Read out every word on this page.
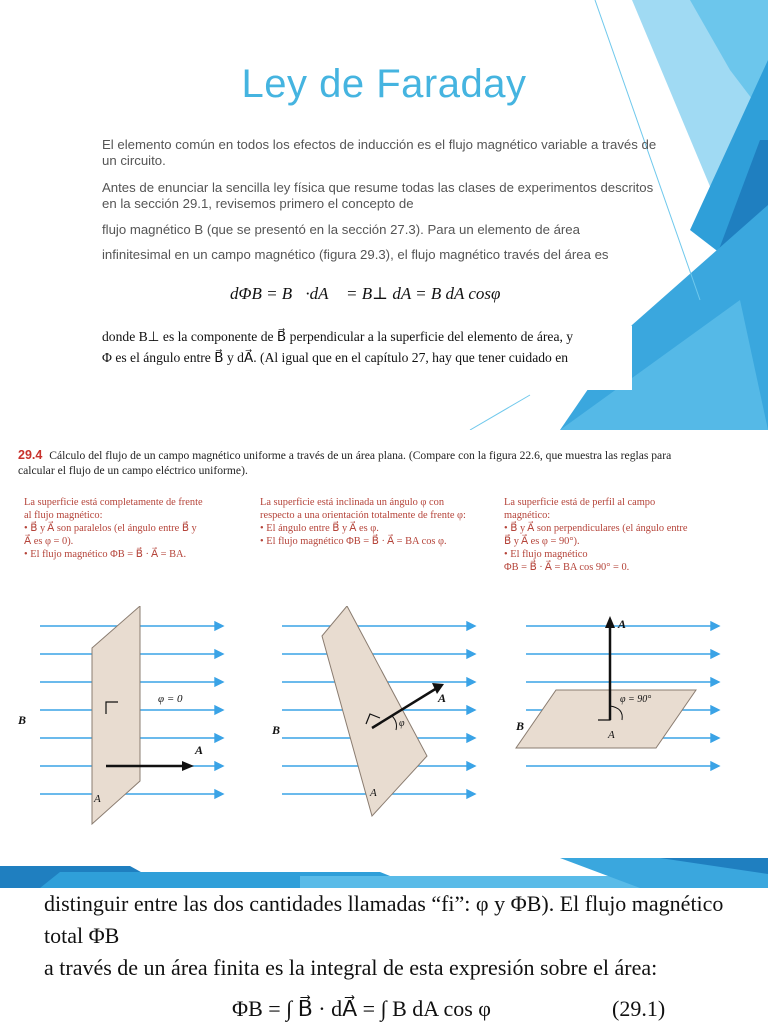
Ley de Faraday
El elemento común en todos los efectos de inducción es el flujo magnético variable a través de un circuito.
Antes de enunciar la sencilla ley física que resume todas las clases de experimentos descritos en la sección 29.1, revisemos primero el concepto de
flujo magnético B (que se presentó en la sección 27.3). Para un elemento de área
infinitesimal en un campo magnético (figura 29.3), el flujo magnético través del área es
dΦB = B⃗·dA⃗ = B⊥ dA = B dA cosφ
donde B⊥ es la componente de B⃗ perpendicular a la superficie del elemento de área, y
Φ es el ángulo entre B⃗ y dA⃗. (Al igual que en el capítulo 27, hay que tener cuidado en
29.4 Cálculo del flujo de un campo magnético uniforme a través de un área plana. (Compare con la figura 22.6, que muestra las reglas para calcular el flujo de un campo eléctrico uniforme).
La superficie está completamente de frente
al flujo magnético:
• B⃗ y A⃗ son paralelos (el ángulo entre B⃗ y
A⃗ es φ = 0).
• El flujo magnético ΦB = B⃗ · A⃗ = BA.
La superficie está inclinada un ángulo φ con
respecto a una orientación totalmente de frente φ:
• El ángulo entre B⃗ y A⃗ es φ.
• El flujo magnético ΦB = B⃗ · A⃗ = BA cos φ.
La superficie está de perfil al campo
magnético:
• B⃗ y A⃗ son perpendiculares (el ángulo entre
B⃗ y A⃗ es φ = 90°).
• El flujo magnético
ΦB = B⃗ · A⃗ = BA cos 90° = 0.
φ = 0
B⃗
A⃗
A
φ
B⃗
A⃗
A
φ = 90°
B⃗
A⃗
A
distinguir entre las dos cantidades llamadas “fi”: φ y ΦB). El flujo magnético total ΦB
a través de un área finita es la integral de esta expresión sobre el área:
ΦB = ∫ B⃗ · dA⃗ = ∫ B dA cos φ	(29.1)
